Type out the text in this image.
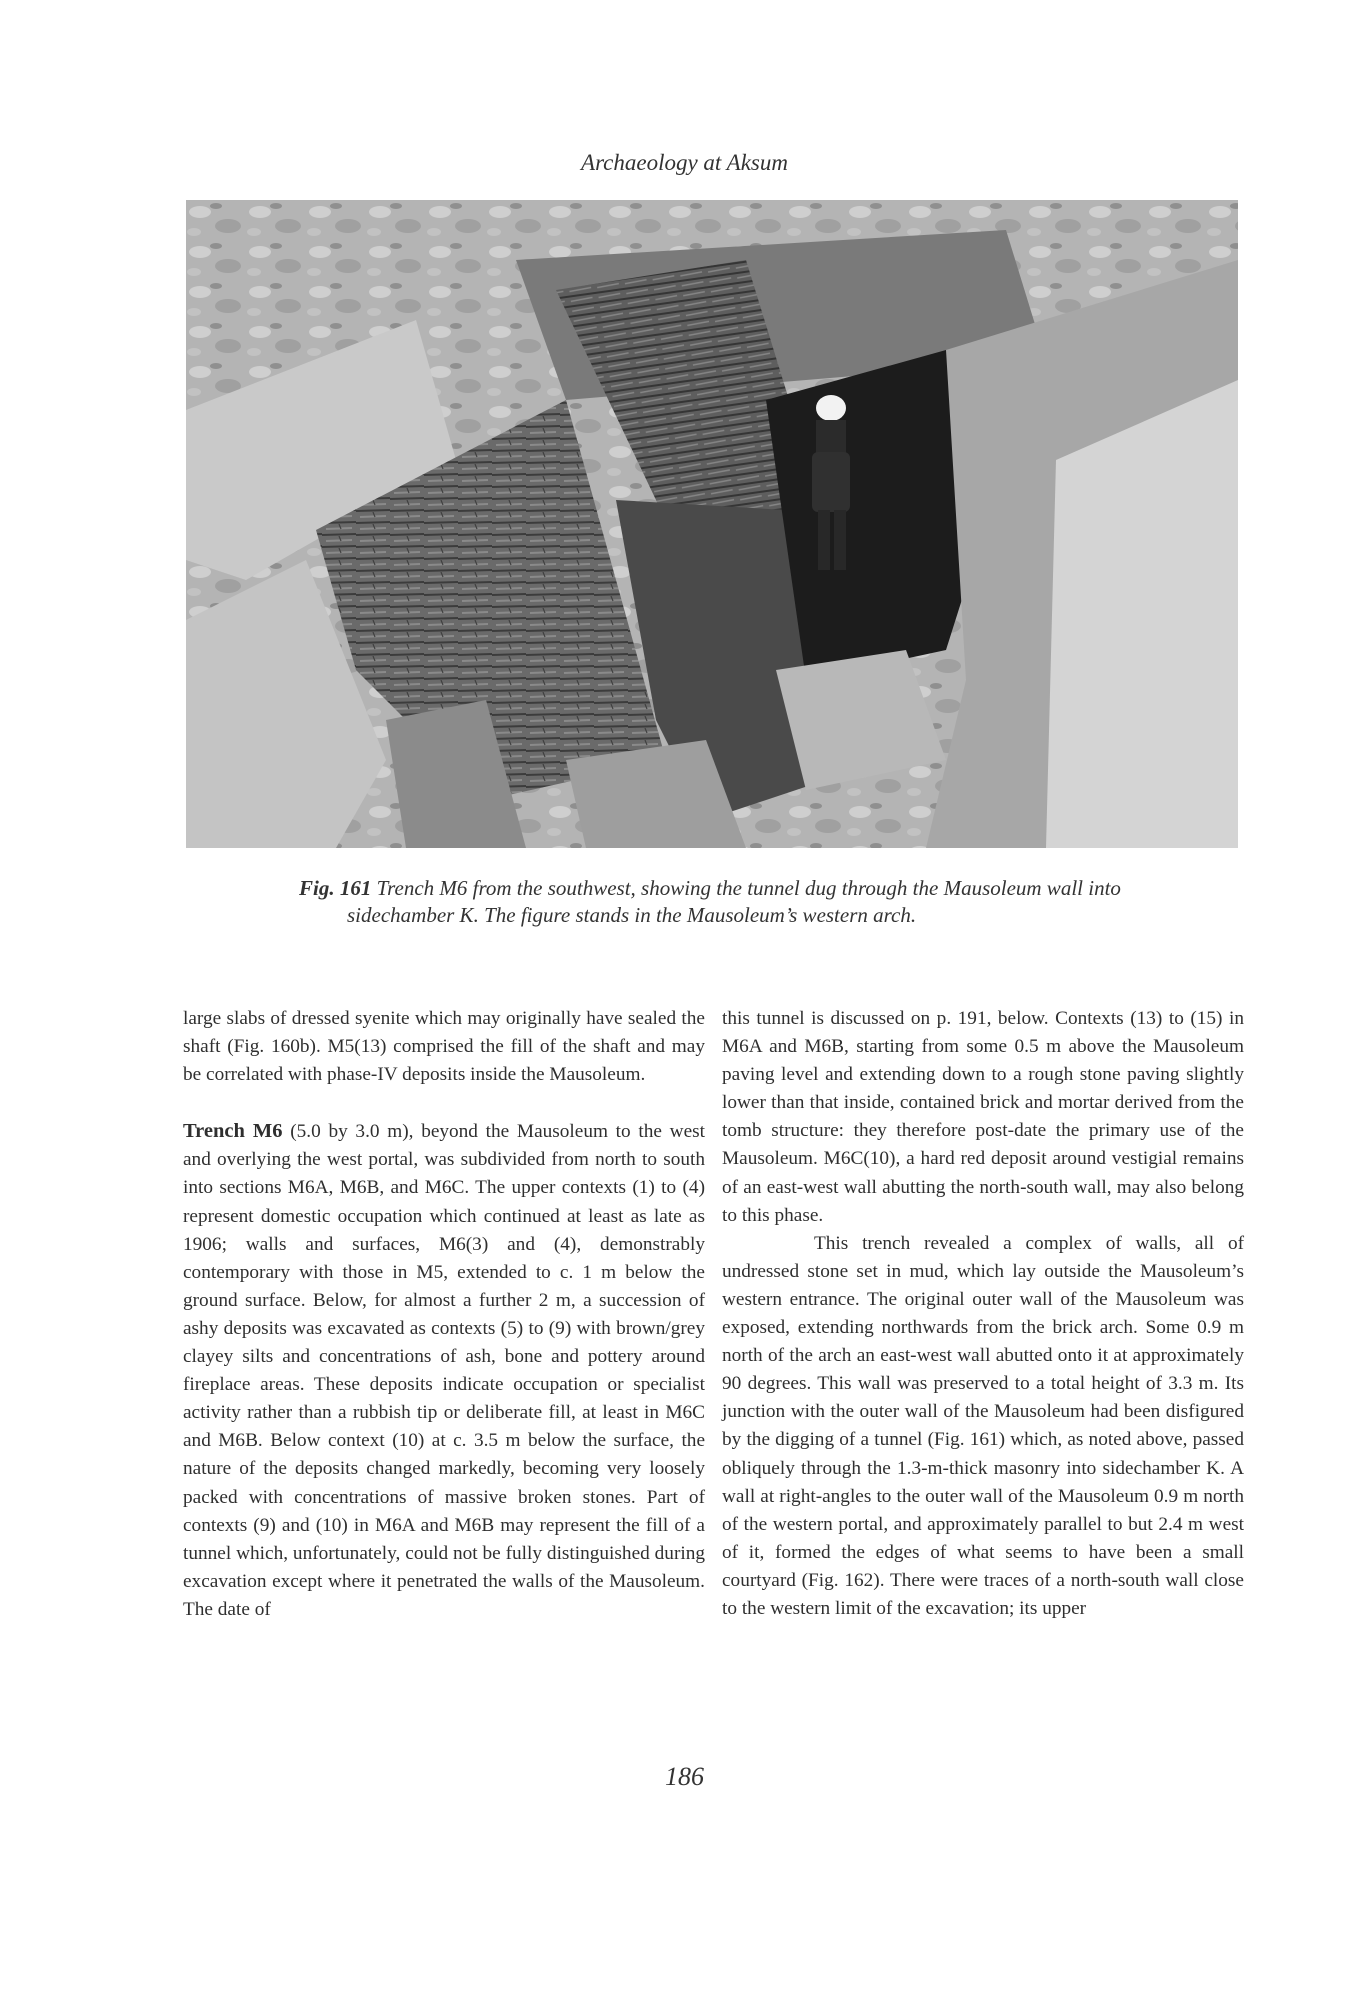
Archaeology at Aksum
Fig. 161 Trench M6 from the southwest, showing the tunnel dug through the Mausoleum wall into
sidechamber K. The figure stands in the Mausoleum’s western arch.

large slabs of dressed syenite which may originally have sealed the shaft (Fig. 160b). M5(13) comprised the fill of the shaft and may be correlated with phase-IV deposits inside the Mausoleum.

Trench M6 (5.0 by 3.0 m), beyond the Mausoleum to the west and overlying the west portal, was subdivided from north to south into sections M6A, M6B, and M6C. The upper contexts (1) to (4) represent domestic occupation which continued at least as late as 1906; walls and surfaces, M6(3) and (4), demonstrably contemporary with those in M5, extended to c. 1 m below the ground surface. Below, for almost a further 2 m, a succession of ashy deposits was excavated as contexts (5) to (9) with brown/grey clayey silts and concentrations of ash, bone and pottery around fireplace areas. These deposits indicate occupation or specialist activity rather than a rubbish tip or deliberate fill, at least in M6C and M6B. Below context (10) at c. 3.5 m below the surface, the nature of the deposits changed markedly, becoming very loosely packed with concentrations of massive broken stones. Part of contexts (9) and (10) in M6A and M6B may represent the fill of a tunnel which, unfortunately, could not be fully distinguished during excavation except where it penetrated the walls of the Mausoleum. The date of

this tunnel is discussed on p. 191, below. Contexts (13) to (15) in M6A and M6B, starting from some 0.5 m above the Mausoleum paving level and extending down to a rough stone paving slightly lower than that inside, contained brick and mortar derived from the tomb structure: they therefore post-date the primary use of the Mausoleum. M6C(10), a hard red deposit around vestigial remains of an east-west wall abutting the north-south wall, may also belong to this phase.

This trench revealed a complex of walls, all of undressed stone set in mud, which lay outside the Mausoleum’s western entrance. The original outer wall of the Mausoleum was exposed, extending northwards from the brick arch. Some 0.9 m north of the arch an east-west wall abutted onto it at approximately 90 degrees. This wall was preserved to a total height of 3.3 m. Its junction with the outer wall of the Mausoleum had been disfigured by the digging of a tunnel (Fig. 161) which, as noted above, passed obliquely through the 1.3-m-thick masonry into sidechamber K. A wall at right-angles to the outer wall of the Mausoleum 0.9 m north of the western portal, and approximately parallel to but 2.4 m west of it, formed the edges of what seems to have been a small courtyard (Fig. 162). There were traces of a north-south wall close to the western limit of the excavation; its upper

186
